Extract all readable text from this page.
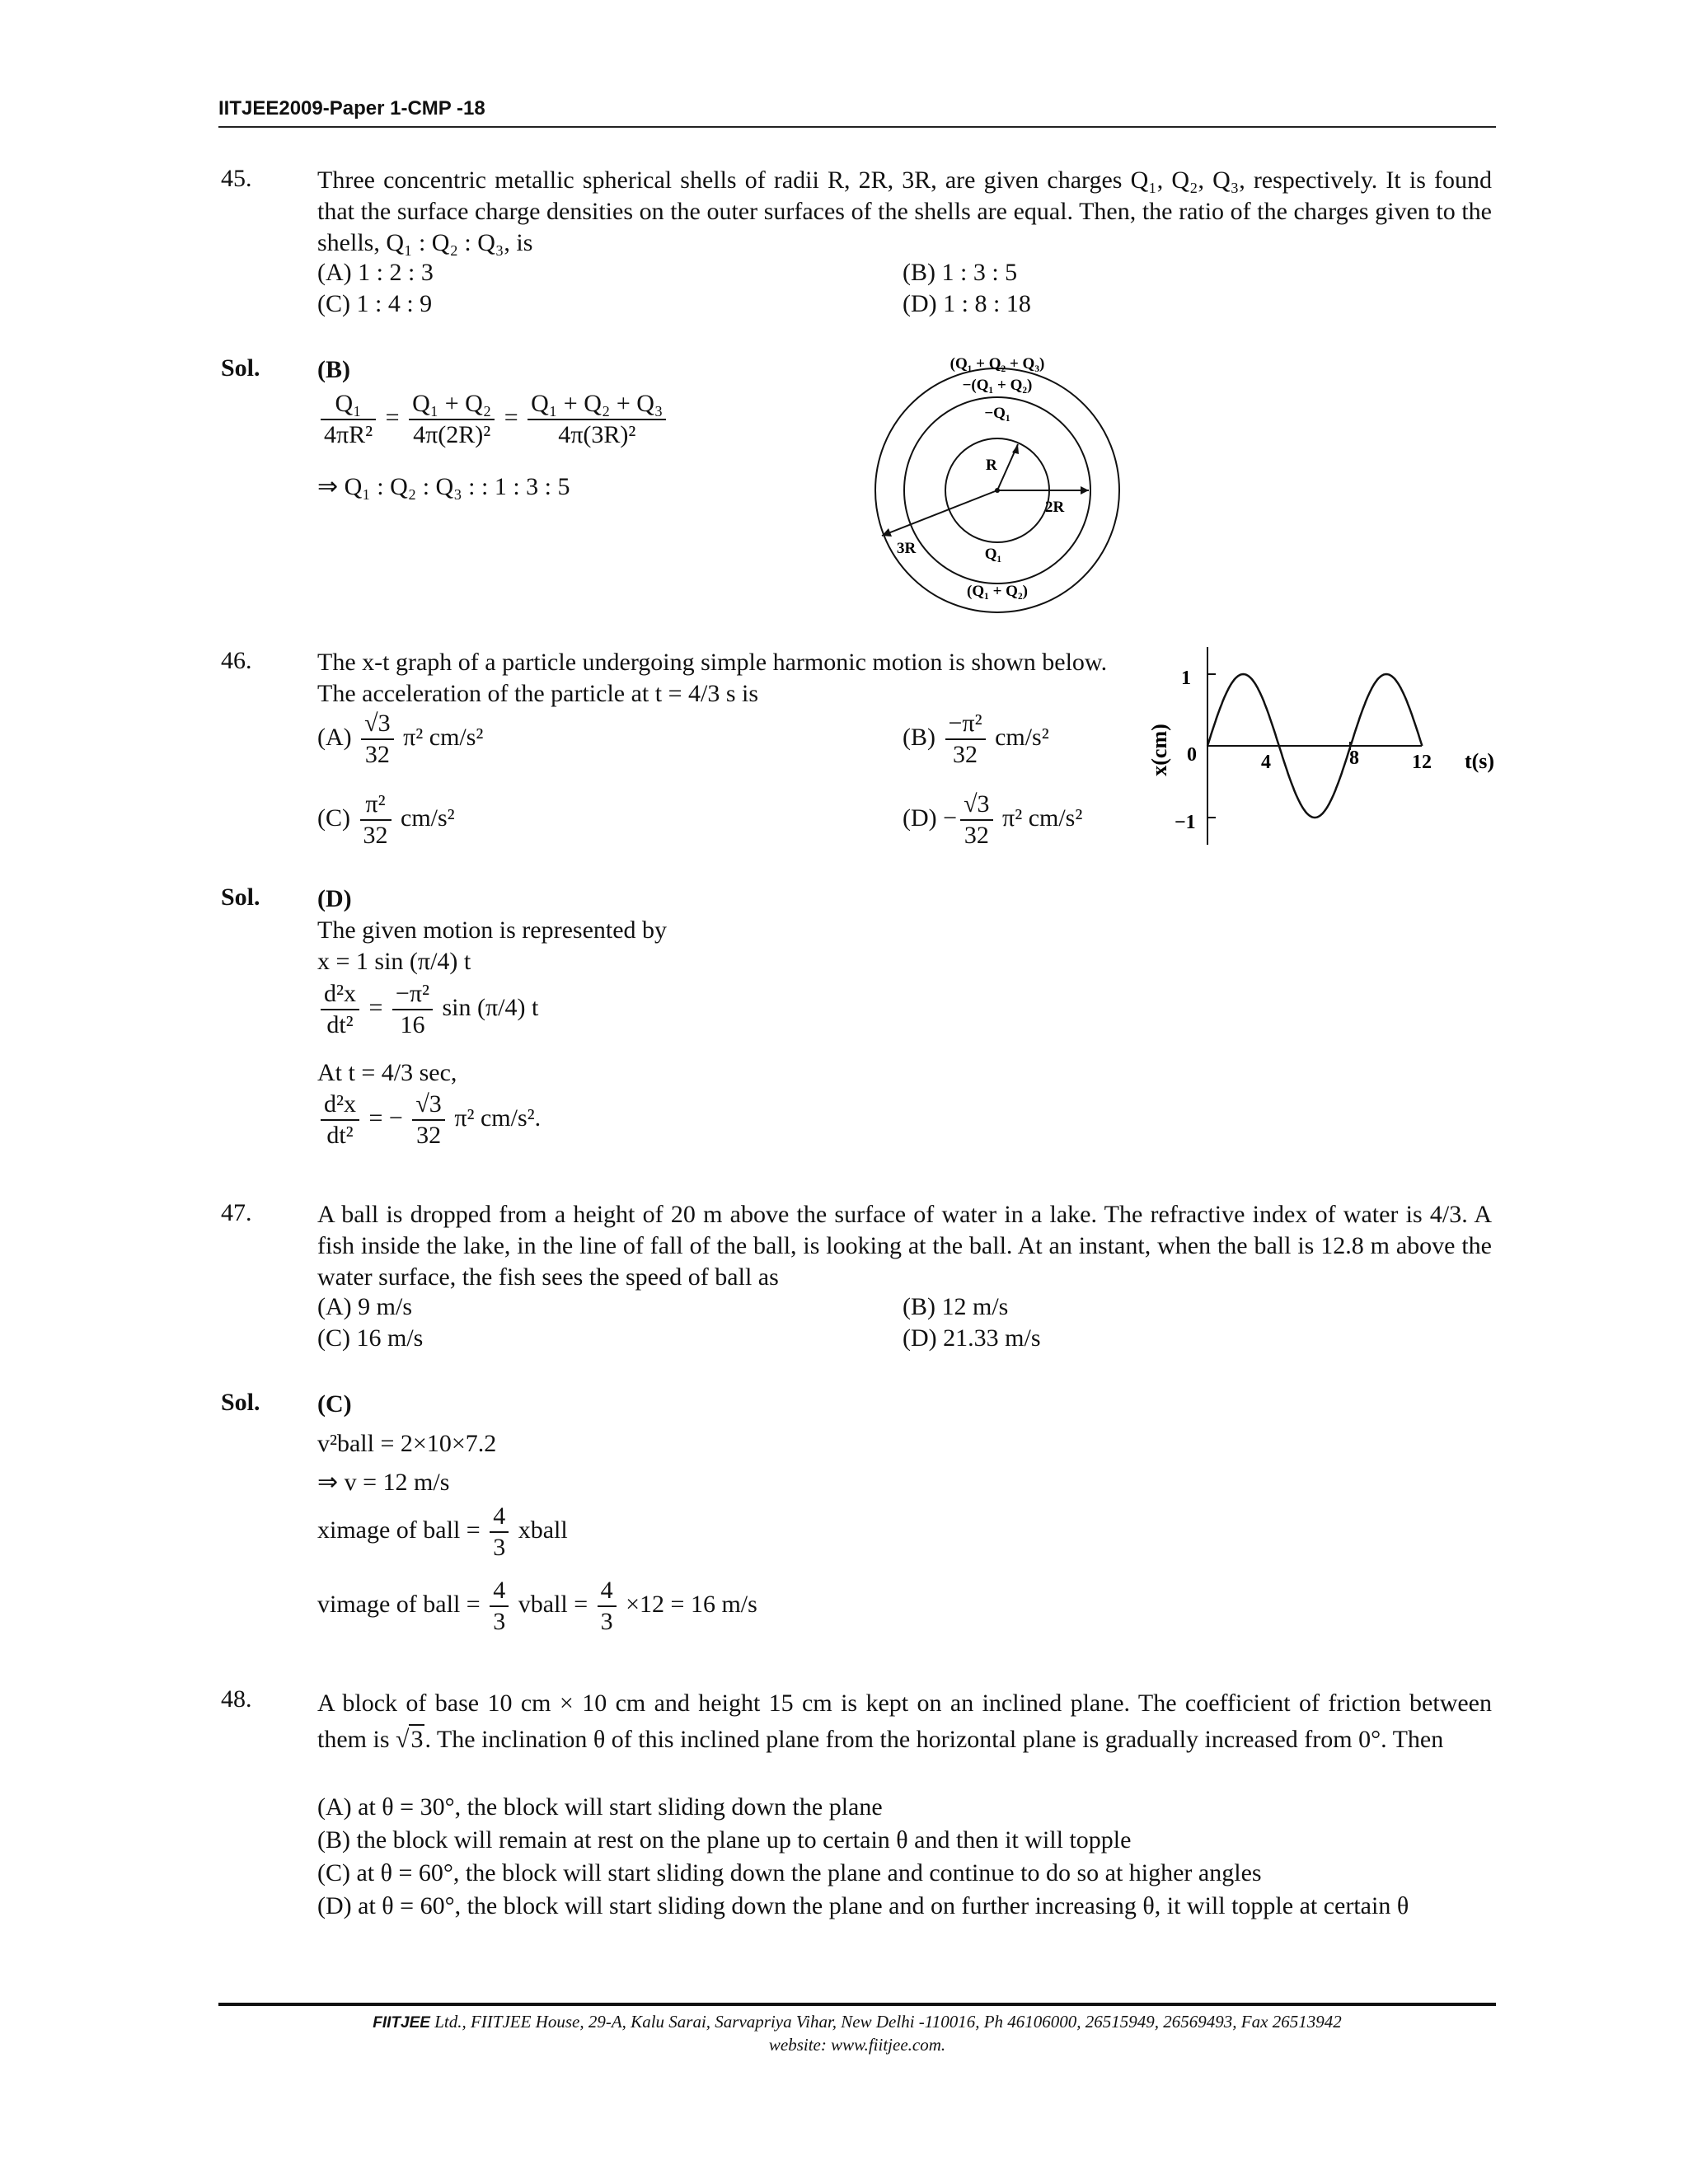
IITJEE2009-Paper 1-CMP -18
45.	Three concentric metallic spherical shells of radii R, 2R, 3R, are given charges Q₁, Q₂, Q₃, respectively. It is found that the surface charge densities on the outer surfaces of the shells are equal. Then, the ratio of the charges given to the shells, Q₁ : Q₂ : Q₃, is
(A) 1 : 2 : 3	(B) 1 : 3 : 5
(C) 1 : 4 : 9	(D) 1 : 8 : 18
Sol. (B)
$\frac{\text{Q₁}}{\text{4πR²}} = \frac{\text{Q₁ + Q₂}}{\text{4π(2R)²}} = \frac{\text{Q₁ + Q₂ + Q₃}}{\text{4π(3R)²}}$
⇒ Q₁ : Q₂ : Q₃ : : 1 : 3 : 5
(Q₁ + Q₂ + Q₃)
−(Q₁ + Q₂)
−Q₁
R
2R
3R	Q₁
(Q₁ + Q₂)
46.	The x-t graph of a particle undergoing simple harmonic motion is shown below. The acceleration of the particle at t = 4/3 s is
$(A) \frac{√3}{32} \pi^2$ cm/s²	$(B) \frac{\text{−π²}}{32} cm/s^2$
$(C) \frac{\text{π²}}{32} cm/s^2$	$(D) - \frac{√3}{32} \pi^2$ cm/s²
1
0
−1
4	8	12 t(s)
x(cm)
Sol. (D)
The given motion is represented by
x = 1 sin (π/4) t
$\frac{\text{d²x}}{\text{dt²}} = \frac{\text{−π²}}{16}$ sin (π/4) t
At t = 4/3 sec,
$\frac{\text{d²x}}{\text{dt²}}$ = − $\frac{√3}{32} \pi^2$ cm/s².
47.	A ball is dropped from a height of 20 m above the surface of water in a lake. The refractive index of water is 4/3. A fish inside the lake, in the line of fall of the ball, is looking at the ball. At an instant, when the ball is 12.8 m above the water surface, the fish sees the speed of ball as
(A) 9 m/s	(B) 12 m/s
(C) 16 m/s	(D) 21.33 m/s
Sol. (C)
v²ball = 2×10×7.2
⇒ v = 12 m/s
ximage of ball = $\frac{4}{3}$ xball
vimage of ball = $\frac{4}{3}$ vball = $\frac{4}{3} \times 12 = 16$ m/s
48.	A block of base 10 cm × 10 cm and height 15 cm is kept on an inclined plane. The coefficient of friction between them is √3. The inclination θ of this inclined plane from the horizontal plane is gradually increased from 0°. Then
(A) at θ = 30°, the block will start sliding down the plane
(B) the block will remain at rest on the plane up to certain θ and then it will topple
(C) at θ = 60°, the block will start sliding down the plane and continue to do so at higher angles
(D) at θ = 60°, the block will start sliding down the plane and on further increasing θ, it will topple at certain θ
FIITJEE Ltd., FIITJEE House, 29-A, Kalu Sarai, Sarvapriya Vihar, New Delhi -110016, Ph 46106000, 26515949, 26569493, Fax 26513942
website: www.fiitjee.com.
